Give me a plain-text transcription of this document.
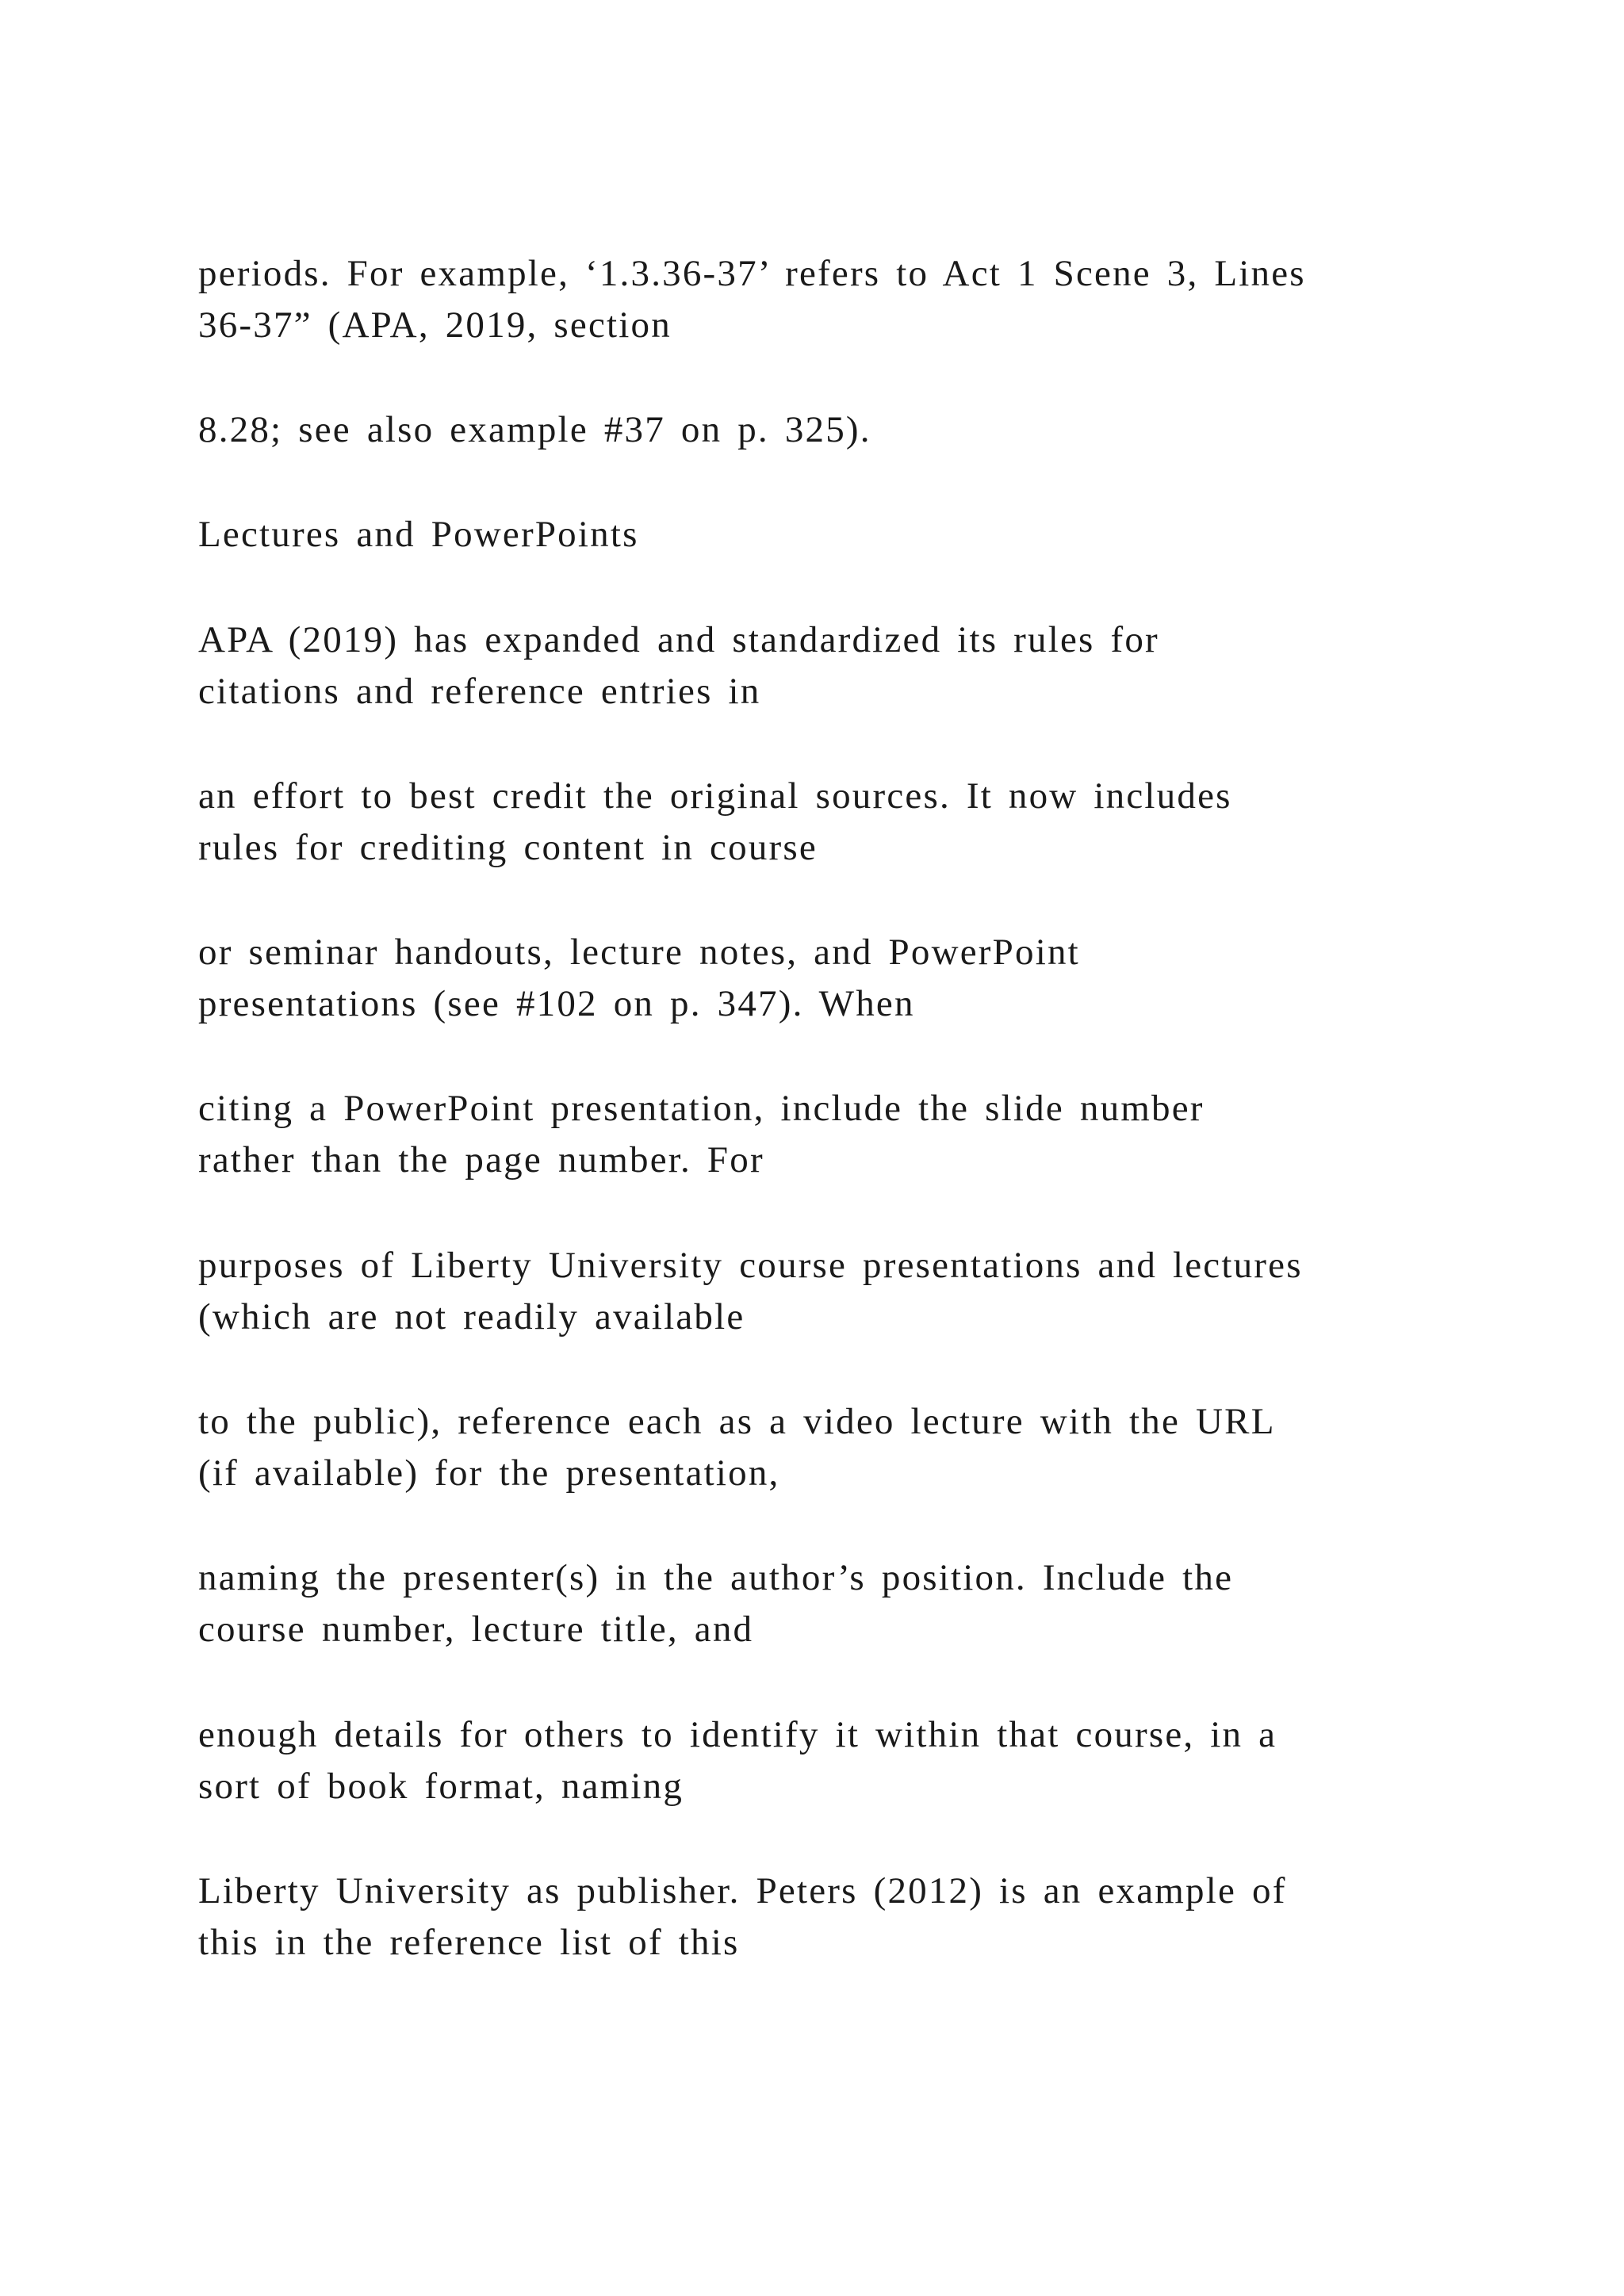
periods. For example, ‘1.3.36-37’ refers to Act 1 Scene 3, Lines

36-37” (APA, 2019, section

8.28; see also example #37 on p. 325).

Lectures and PowerPoints

APA (2019) has expanded and standardized its rules for

citations and reference entries in

an effort to best credit the original sources. It now includes

rules for crediting content in course

or seminar handouts, lecture notes, and PowerPoint

presentations (see #102 on p. 347). When

citing a PowerPoint presentation, include the slide number

rather than the page number. For

purposes of Liberty University course presentations and lectures

(which are not readily available

to the public), reference each as a video lecture with the URL

(if available) for the presentation,

naming the presenter(s) in the author’s position. Include the

course number, lecture title, and

enough details for others to identify it within that course, in a

sort of book format, naming

Liberty University as publisher. Peters (2012) is an example of

this in the reference list of this
